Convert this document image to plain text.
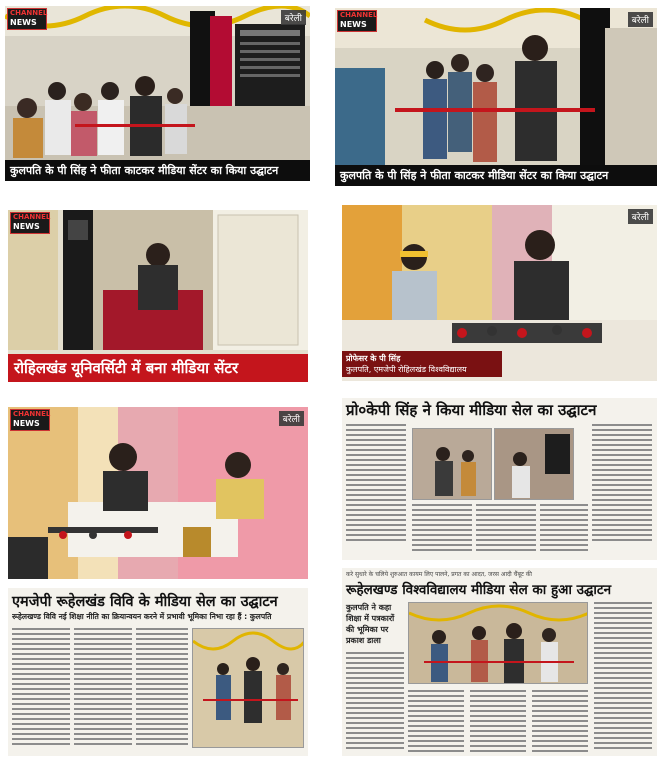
CHANNEL
NEWS	बरेली
कुलपति के पी सिंह ने फीता काटकर मीडिया सेंटर का किया उद्घाटन
CHANNEL
NEWS	बरेली
कुलपति के पी सिंह ने फीता काटकर मीडिया सेंटर का किया उद्घाटन
CHANNEL
NEWS
रोहिलखंड यूनिवर्सिटी में बना मीडिया सेंटर
बरेली
प्रोफेसर के पी सिंह
कुलपति, एमजेपी रोहिलखंड विश्वविद्यालय
CHANNEL
NEWS	बरेली
प्रो०केपी सिंह ने किया मीडिया सेल का उद्घाटन
एमजेपी रूहेलखंड विवि के मीडिया सेल का उद्घाटन
रूहेलखण्ड विवि नई शिक्षा नीति का क्रियान्वयन करने में प्रभावी भूमिका निभा रहा हैं : कुलपति
करे सुधारे के चलिये शुरुआत कायम लिए पालने, प्रगत का आदत, जरस आदी चैंबूट की
रूहेलखण्ड विश्वविद्यालय मीडिया सेल का हुआ उद्घाटन
कुलपति ने कहा शिक्षा में पत्रकारों की भूमिका पर प्रकाश डाला
